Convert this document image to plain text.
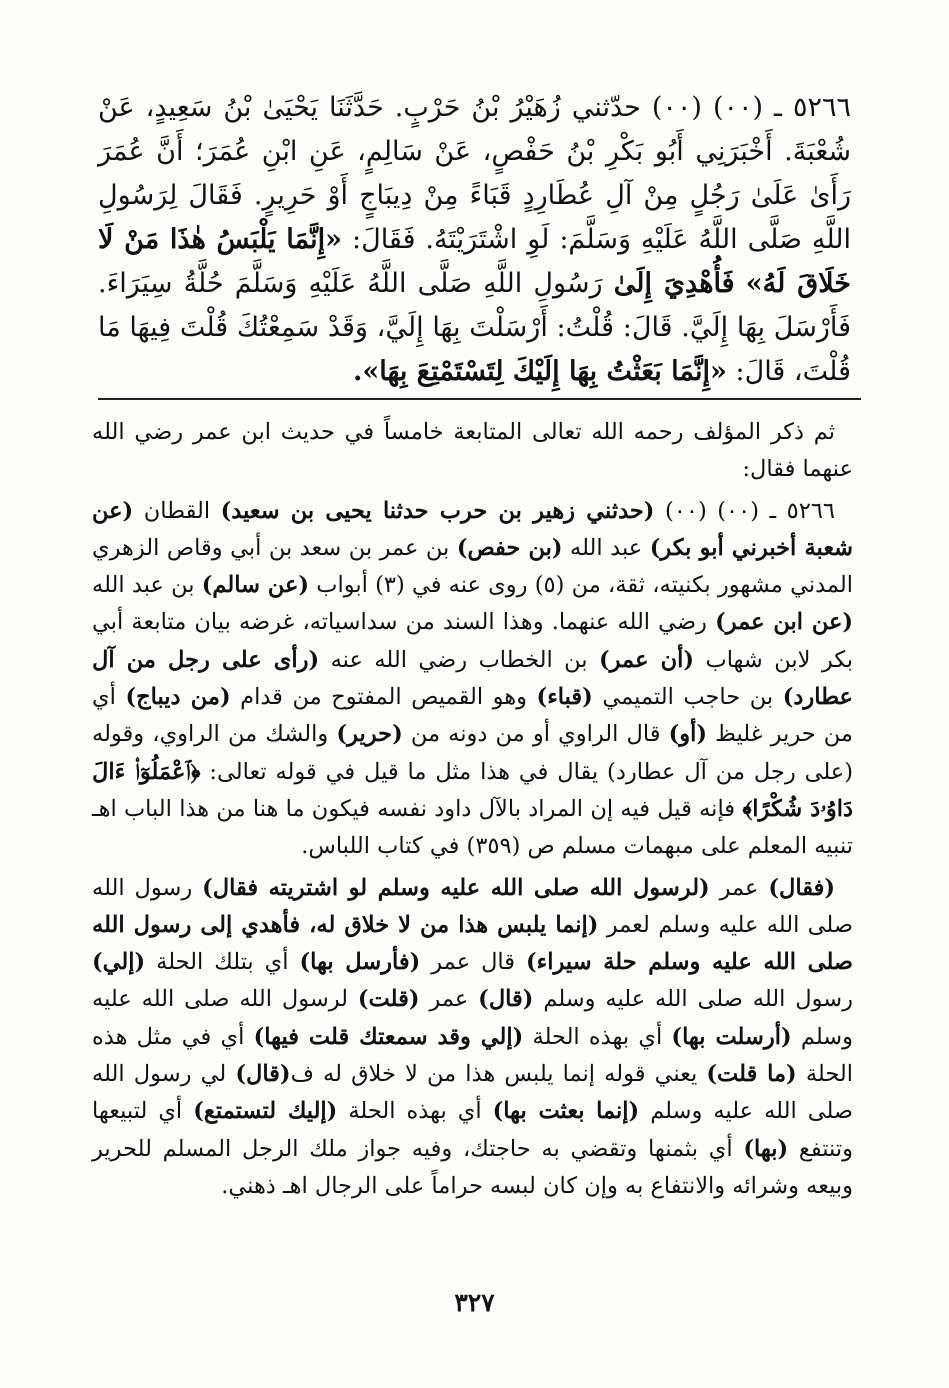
٥٢٦٦ ـ (٠٠) (٠٠) حدّثني زُهَيْرُ بْنُ حَرْبٍ. حَدَّثَنَا يَحْيَىٰ بْنُ سَعِيدٍ، عَنْ شُعْبَةَ. أَخْبَرَنِي أَبُو بَكْرِ بْنُ حَفْصٍ، عَنْ سَالِمٍ، عَنِ ابْنِ عُمَرَ؛ أَنَّ عُمَرَ رَأَىٰ عَلَىٰ رَجُلٍ مِنْ آلِ عُطَارِدٍ قَبَاءً مِنْ دِيبَاجٍ أَوْ حَرِيرٍ. فَقَالَ لِرَسُولِ اللَّهِ صَلَّى اللَّهُ عَلَيْهِ وَسَلَّمَ: لَوِ اشْتَرَيْتَهُ. فَقَالَ: «إِنَّمَا يَلْبَسُ هٰذَا مَنْ لَا خَلَاقَ لَهُ» فَأُهْدِيَ إِلَىٰ رَسُولِ اللَّهِ صَلَّى اللَّهُ عَلَيْهِ وَسَلَّمَ حُلَّةُ سِيَرَاءَ. فَأَرْسَلَ بِهَا إِلَيَّ. قَالَ: قُلْتُ: أَرْسَلْتَ بِهَا إِلَيَّ، وَقَدْ سَمِعْتُكَ قُلْتَ فِيهَا مَا قُلْتَ، قَالَ: «إِنَّمَا بَعَثْتُ بِهَا إِلَيْكَ لِتَسْتَمْتِعَ بِهَا».

ثم ذكر المؤلف رحمه الله تعالى المتابعة خامساً في حديث ابن عمر رضي الله عنهما فقال:

٥٢٦٦ ـ (٠٠) (٠٠) (حدثني زهير بن حرب حدثنا يحيى بن سعيد) القطان (عن شعبة أخبرني أبو بكر) عبد الله (بن حفص) بن عمر بن سعد بن أبي وقاص الزهري المدني مشهور بكنيته، ثقة، من (٥) روى عنه في (٣) أبواب (عن سالم) بن عبد الله (عن ابن عمر) رضي الله عنهما. وهذا السند من سداسياته، غرضه بيان متابعة أبي بكر لابن شهاب (أن عمر) بن الخطاب رضي الله عنه (رأى على رجل من آل عطارد) بن حاجب التميمي (قباء) وهو القميص المفتوح من قدام (من ديباج) أي من حرير غليظ (أو) قال الراوي أو من دونه من (حرير) والشك من الراوي، وقوله (على رجل من آل عطارد) يقال في هذا مثل ما قيل في قوله تعالى: ﴿ٱعْمَلُوٓا۟ ءَالَ دَاوُۥدَ شُكْرًا﴾ فإنه قيل فيه إن المراد بالآل داود نفسه فيكون ما هنا من هذا الباب اهـ تنبيه المعلم على مبهمات مسلم ص (٣٥٩) في كتاب اللباس.

(فقال) عمر (لرسول الله صلى الله عليه وسلم لو اشتريته فقال) رسول الله صلى الله عليه وسلم لعمر (إنما يلبس هذا من لا خلاق له، فأهدي إلى رسول الله صلى الله عليه وسلم حلة سيراء) قال عمر (فأرسل بها) أي بتلك الحلة (إلي) رسول الله صلى الله عليه وسلم (قال) عمر (قلت) لرسول الله صلى الله عليه وسلم (أرسلت بها) أي بهذه الحلة (إلي وقد سمعتك قلت فيها) أي في مثل هذه الحلة (ما قلت) يعني قوله إنما يلبس هذا من لا خلاق له ف(قال) لي رسول الله صلى الله عليه وسلم (إنما بعثت بها) أي بهذه الحلة (إليك لتستمتع) أي لتبيعها وتنتفع (بها) أي بثمنها وتقضي به حاجتك، وفيه جواز ملك الرجل المسلم للحرير وبيعه وشرائه والانتفاع به وإن كان لبسه حراماً على الرجال اهـ ذهني.

٣٢٧
